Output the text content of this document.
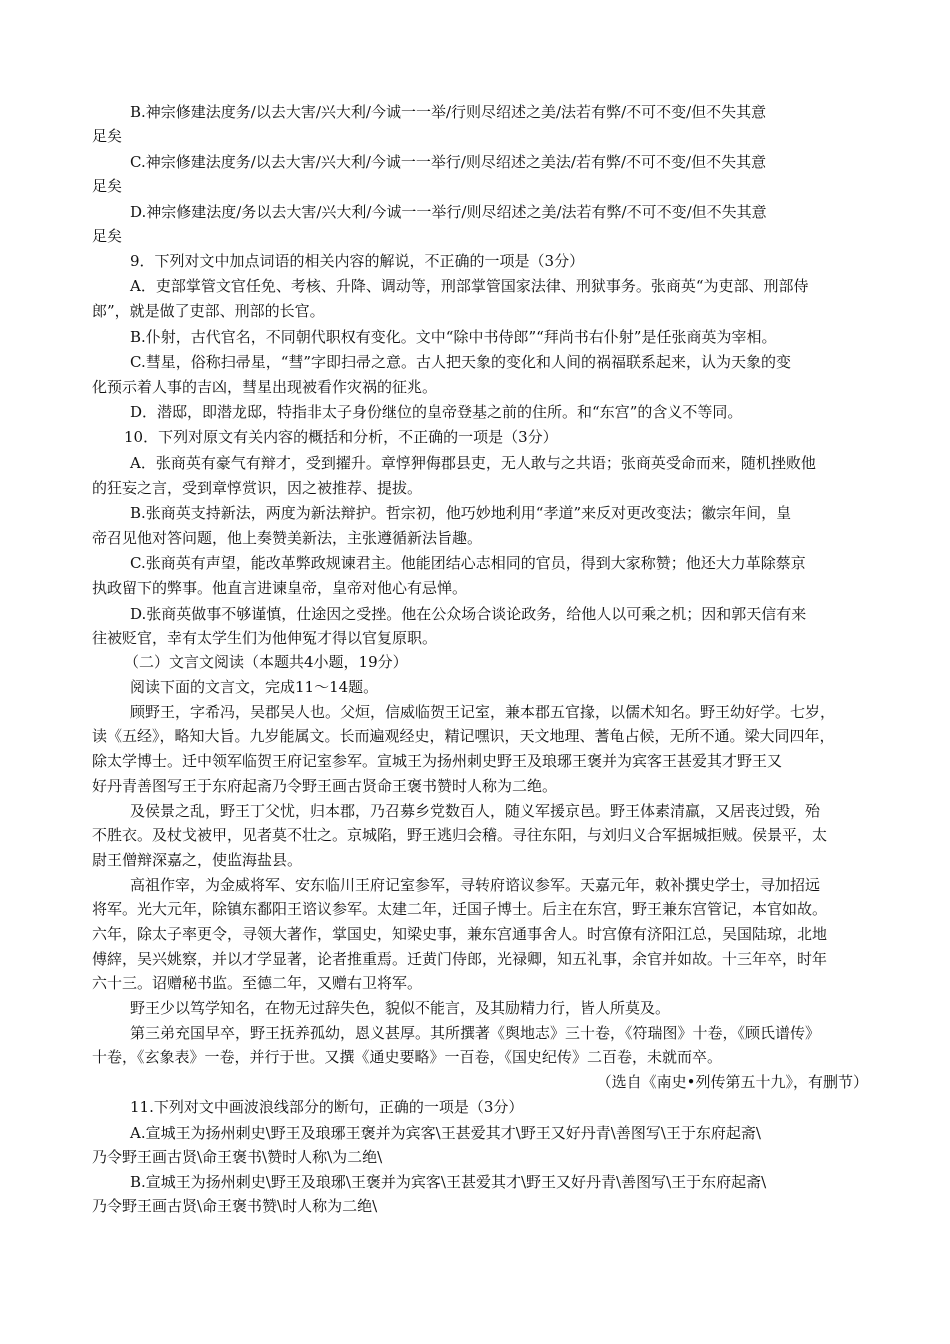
B.神宗修建法度务/以去大害/兴大利/今诚一一举/行则尽绍述之美/法若有弊/不可不变/但不失其意
足矣
C.神宗修建法度务/以去大害/兴大利/今诚一一举行/则尽绍述之美法/若有弊/不可不变/但不失其意
足矣
D.神宗修建法度/务以去大害/兴大利/今诚一一举行/则尽绍述之美/法若有弊/不可不变/但不失其意
足矣
9．下列对文中加点词语的相关内容的解说，不正确的一项是（3分）
A．吏部掌管文官任免、考核、升降、调动等，刑部掌管国家法律、刑狱事务。张商英“为吏部、刑部侍
郎”，就是做了吏部、刑部的长官。
B.仆射，古代官名，不同朝代职权有变化。文中“除中书侍郎”“拜尚书右仆射”是任张商英为宰相。
C.彗星，俗称扫帚星，“彗”字即扫帚之意。古人把天象的变化和人间的祸福联系起来，认为天象的变
化预示着人事的吉凶，彗星出现被看作灾祸的征兆。
D．潜邸，即潜龙邸，特指非太子身份继位的皇帝登基之前的住所。和“东宫”的含义不等同。
10．下列对原文有关内容的概括和分析，不正确的一项是（3分）
A．张商英有豪气有辩才，受到擢升。章惇狎侮郡县吏，无人敢与之共语；张商英受命而来，随机挫败他
的狂妄之言，受到章惇赏识，因之被推荐、提拔。
B.张商英支持新法，两度为新法辩护。哲宗初，他巧妙地利用“孝道”来反对更改变法；徽宗年间，皇
帝召见他对答问题，他上奏赞美新法，主张遵循新法旨趣。
C.张商英有声望，能改革弊政规谏君主。他能团结心志相同的官员，得到大家称赞；他还大力革除蔡京
执政留下的弊事。他直言进谏皇帝，皇帝对他心有忌惮。
D.张商英做事不够谨慎，仕途因之受挫。他在公众场合谈论政务，给他人以可乘之机；因和郭天信有来
往被贬官，幸有太学生们为他伸冤才得以官复原职。
（二）文言文阅读（本题共4小题，19分）
阅读下面的文言文，完成11～14题。
顾野王，字希冯，吴郡吴人也。父烜，信威临贺王记室，兼本郡五官掾，以儒术知名。野王幼好学。七岁，
读《五经》，略知大旨。九岁能属文。长而遍观经史，精记嘿识，天文地理、蓍龟占候，无所不通。梁大同四年，
除太学博士。迁中领军临贺王府记室参军。宣城王为扬州刺史野王及琅琊王褒并为宾客王甚爱其才野王又
好丹青善图写王于东府起斋乃令野王画古贤命王褒书赞时人称为二绝。
及侯景之乱，野王丁父忧，归本郡，乃召募乡党数百人，随义军援京邑。野王体素清羸，又居丧过毁，殆
不胜衣。及杖戈被甲，见者莫不壮之。京城陷，野王逃归会稽。寻往东阳，与刘归义合军据城拒贼。侯景平，太
尉王僧辩深嘉之，使监海盐县。
高祖作宰，为金威将军、安东临川王府记室参军，寻转府谘议参军。天嘉元年，敕补撰史学士，寻加招远
将军。光大元年，除镇东鄱阳王谘议参军。太建二年，迁国子博士。后主在东宫，野王兼东宫管记，本官如故。
六年，除太子率更令，寻领大著作，掌国史，知梁史事，兼东宫通事舍人。时宫僚有济阳江总，吴国陆琼，北地
傅縡，吴兴姚察，并以才学显著，论者推重焉。迁黄门侍郎，光禄卿，知五礼事，余官并如故。十三年卒，时年
六十三。诏赠秘书监。至德二年，又赠右卫将军。
野王少以笃学知名，在物无过辞失色，貌似不能言，及其励精力行，皆人所莫及。
第三弟充国早卒，野王抚养孤幼，恩义甚厚。其所撰著《舆地志》三十卷，《符瑞图》十卷，《顾氏谱传》
十卷，《玄象表》一卷，并行于世。又撰《通史要略》一百卷，《国史纪传》二百卷，未就而卒。
（选自《南史•列传第五十九》，有删节）
11.下列对文中画波浪线部分的断句，正确的一项是（3分）
A.宣城王为扬州刺史\野王及琅琊王褒并为宾客\王甚爱其才\野王又好丹青\善图写\王于东府起斋\
乃令野王画古贤\命王褒书\赞时人称\为二绝\
B.宣城王为扬州刺史\野王及琅琊\王褒并为宾客\王甚爱其才\野王又好丹青\善图写\王于东府起斋\
乃令野王画古贤\命王褒书赞\时人称为二绝\
